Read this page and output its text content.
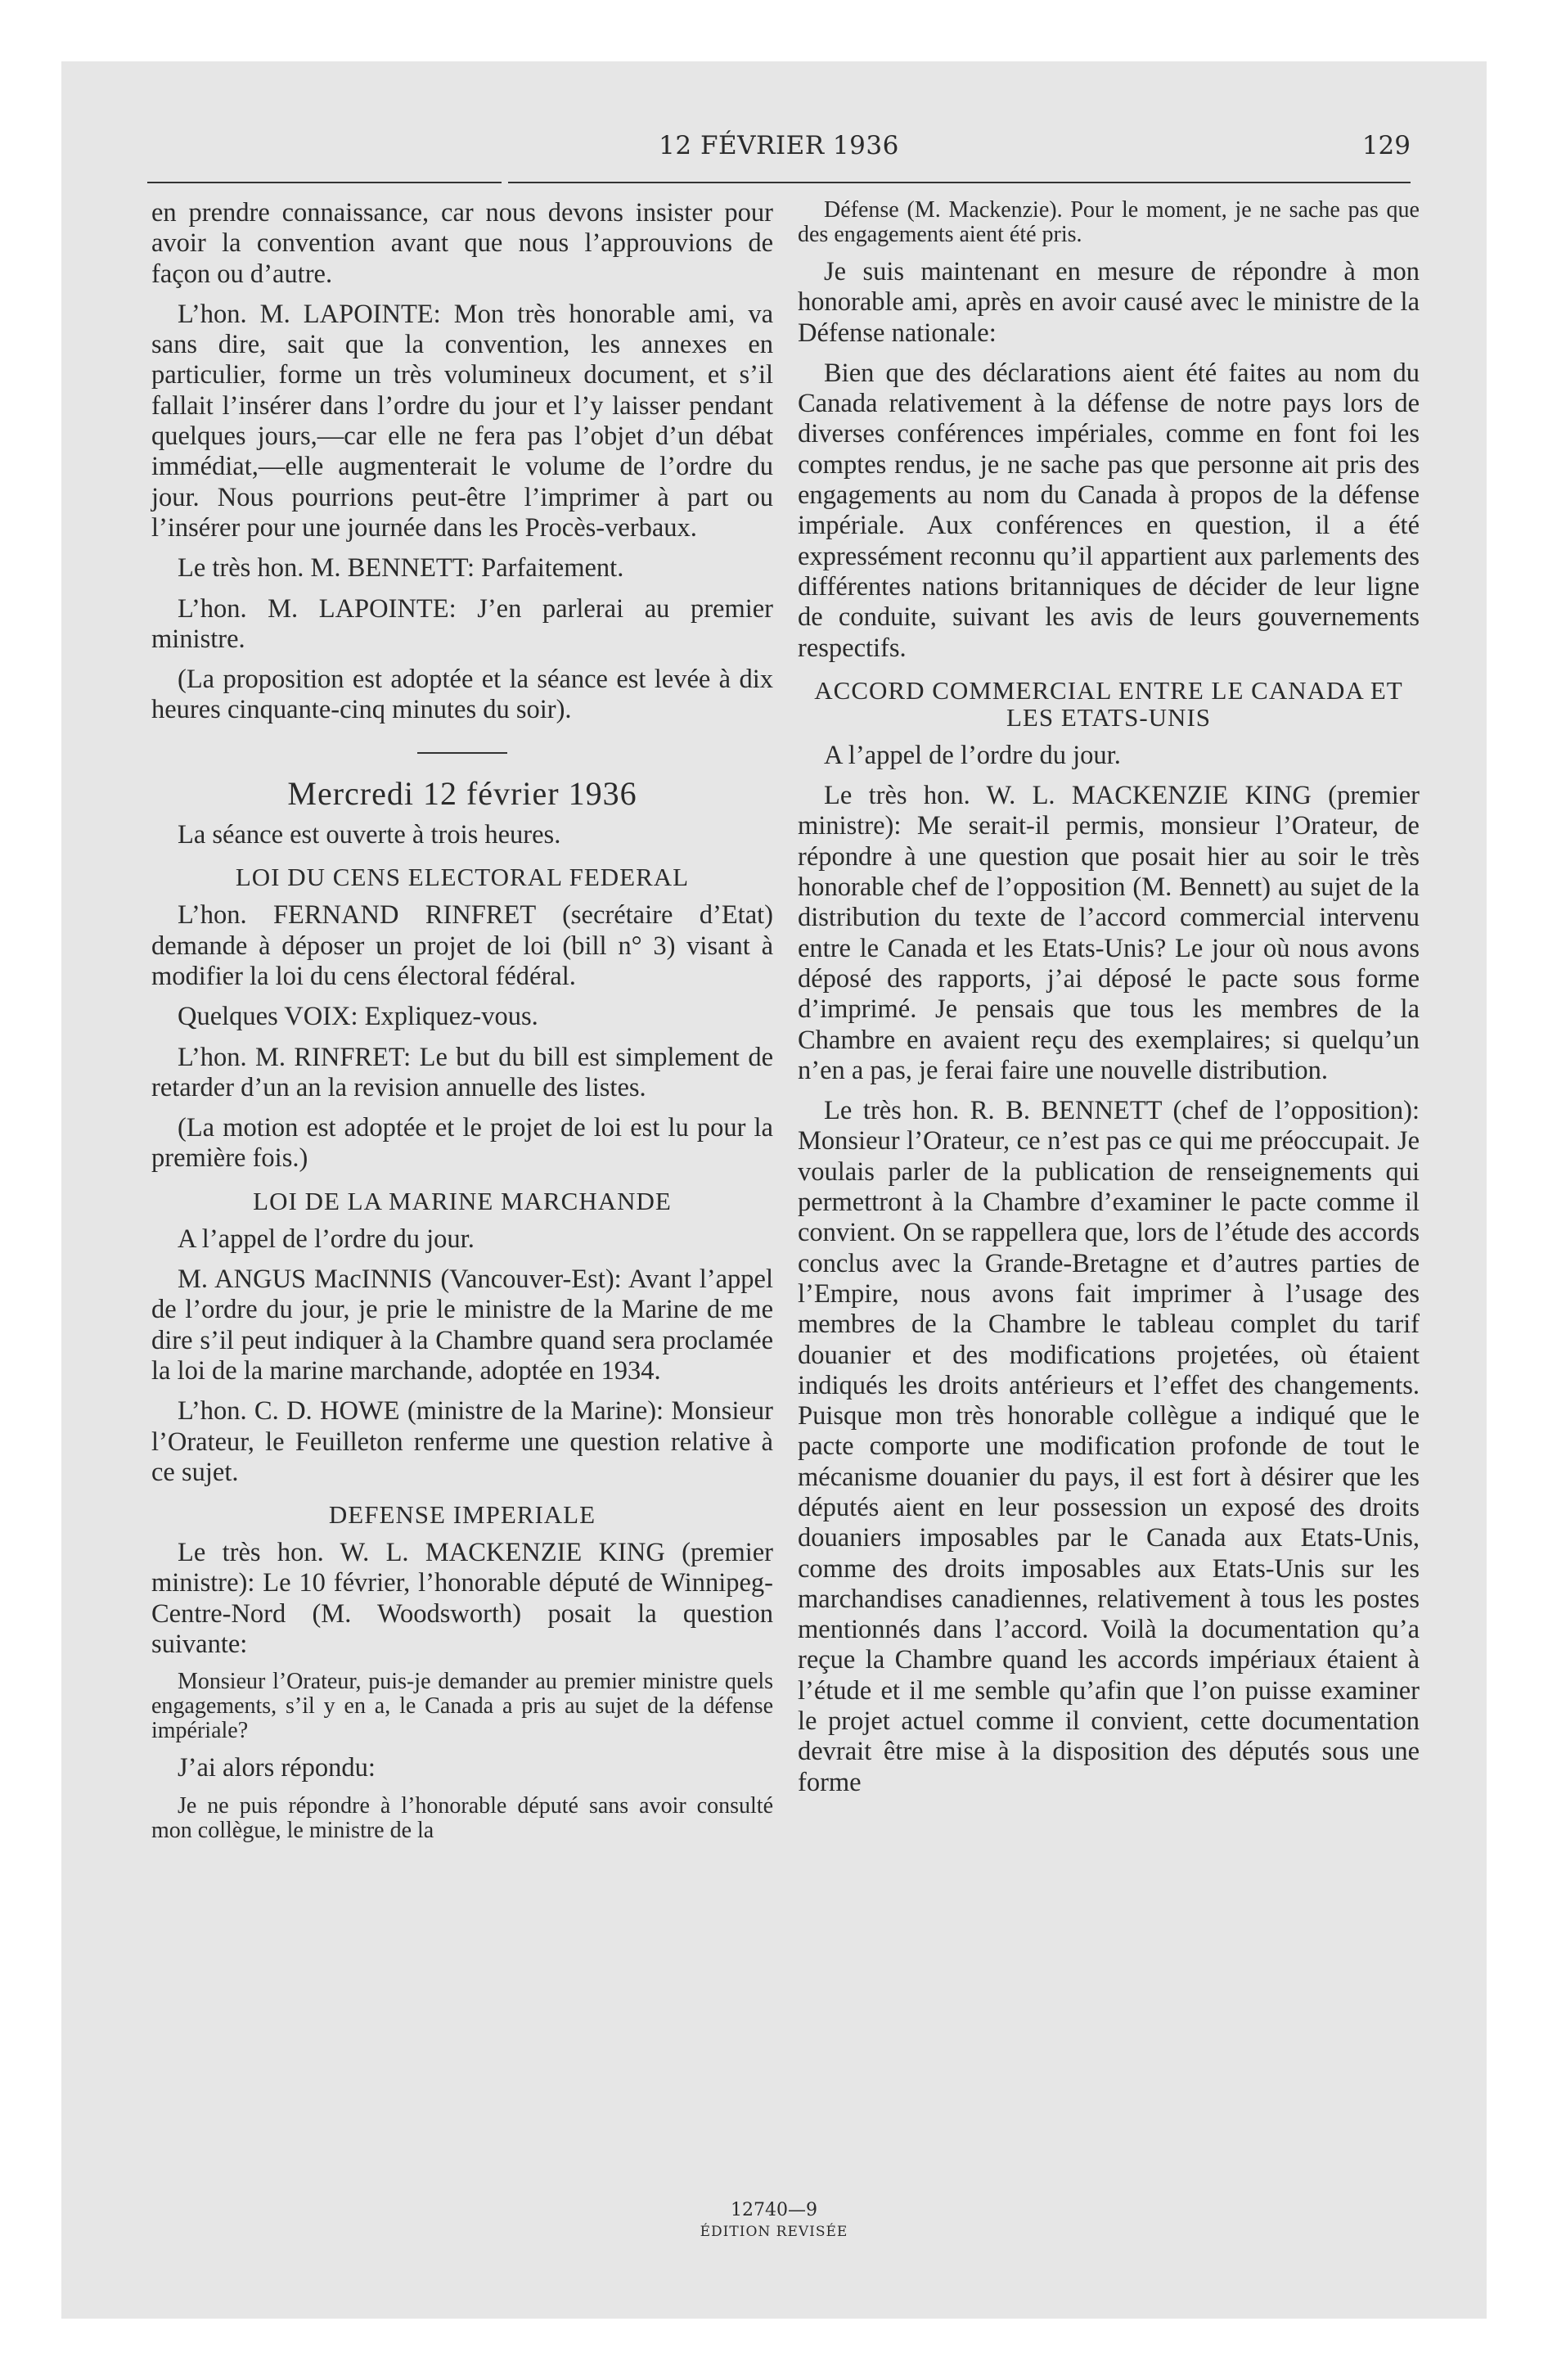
12 FÉVRIER 1936	129

en prendre connaissance, car nous devons insister pour avoir la convention avant que nous l’approuvions de façon ou d’autre.

L’hon. M. LAPOINTE: Mon très honorable ami, va sans dire, sait que la convention, les annexes en particulier, forme un très volumineux document, et s’il fallait l’insérer dans l’ordre du jour et l’y laisser pendant quelques jours,—car elle ne fera pas l’objet d’un débat immédiat,—elle augmenterait le volume de l’ordre du jour. Nous pourrions peut-être l’imprimer à part ou l’insérer pour une journée dans les Procès-verbaux.

Le très hon. M. BENNETT: Parfaitement.

L’hon. M. LAPOINTE: J’en parlerai au premier ministre.

(La proposition est adoptée et la séance est levée à dix heures cinquante-cinq minutes du soir).

Mercredi 12 février 1936

La séance est ouverte à trois heures.

LOI DU CENS ELECTORAL FEDERAL

L’hon. FERNAND RINFRET (secrétaire d’Etat) demande à déposer un projet de loi (bill n° 3) visant à modifier la loi du cens électoral fédéral.

Quelques VOIX: Expliquez-vous.

L’hon. M. RINFRET: Le but du bill est simplement de retarder d’un an la revision annuelle des listes.

(La motion est adoptée et le projet de loi est lu pour la première fois.)

LOI DE LA MARINE MARCHANDE

A l’appel de l’ordre du jour.

M. ANGUS MacINNIS (Vancouver-Est): Avant l’appel de l’ordre du jour, je prie le ministre de la Marine de me dire s’il peut indiquer à la Chambre quand sera proclamée la loi de la marine marchande, adoptée en 1934.

L’hon. C. D. HOWE (ministre de la Marine): Monsieur l’Orateur, le Feuilleton renferme une question relative à ce sujet.

DEFENSE IMPERIALE

Le très hon. W. L. MACKENZIE KING (premier ministre): Le 10 février, l’honorable député de Winnipeg-Centre-Nord (M. Woodsworth) posait la question suivante:

Monsieur l’Orateur, puis-je demander au premier ministre quels engagements, s’il y en a, le Canada a pris au sujet de la défense impériale?

J’ai alors répondu:

Je ne puis répondre à l’honorable député sans avoir consulté mon collègue, le ministre de la

Défense (M. Mackenzie). Pour le moment, je ne sache pas que des engagements aient été pris.

Je suis maintenant en mesure de répondre à mon honorable ami, après en avoir causé avec le ministre de la Défense nationale:

Bien que des déclarations aient été faites au nom du Canada relativement à la défense de notre pays lors de diverses conférences impériales, comme en font foi les comptes rendus, je ne sache pas que personne ait pris des engagements au nom du Canada à propos de la défense impériale. Aux conférences en question, il a été expressément reconnu qu’il appartient aux parlements des différentes nations britanniques de décider de leur ligne de conduite, suivant les avis de leurs gouvernements respectifs.

ACCORD COMMERCIAL ENTRE LE CANADA ET LES ETATS-UNIS

A l’appel de l’ordre du jour.

Le très hon. W. L. MACKENZIE KING (premier ministre): Me serait-il permis, monsieur l’Orateur, de répondre à une question que posait hier au soir le très honorable chef de l’opposition (M. Bennett) au sujet de la distribution du texte de l’accord commercial intervenu entre le Canada et les Etats-Unis? Le jour où nous avons déposé des rapports, j’ai déposé le pacte sous forme d’imprimé. Je pensais que tous les membres de la Chambre en avaient reçu des exemplaires; si quelqu’un n’en a pas, je ferai faire une nouvelle distribution.

Le très hon. R. B. BENNETT (chef de l’opposition): Monsieur l’Orateur, ce n’est pas ce qui me préoccupait. Je voulais parler de la publication de renseignements qui permettront à la Chambre d’examiner le pacte comme il convient. On se rappellera que, lors de l’étude des accords conclus avec la Grande-Bretagne et d’autres parties de l’Empire, nous avons fait imprimer à l’usage des membres de la Chambre le tableau complet du tarif douanier et des modifications projetées, où étaient indiqués les droits antérieurs et l’effet des changements. Puisque mon très honorable collègue a indiqué que le pacte comporte une modification profonde de tout le mécanisme douanier du pays, il est fort à désirer que les députés aient en leur possession un exposé des droits douaniers imposables par le Canada aux Etats-Unis, comme des droits imposables aux Etats-Unis sur les marchandises canadiennes, relativement à tous les postes mentionnés dans l’accord. Voilà la documentation qu’a reçue la Chambre quand les accords impériaux étaient à l’étude et il me semble qu’afin que l’on puisse examiner le projet actuel comme il convient, cette documentation devrait être mise à la disposition des députés sous une forme

12740—9
ÉDITION REVISÉE
